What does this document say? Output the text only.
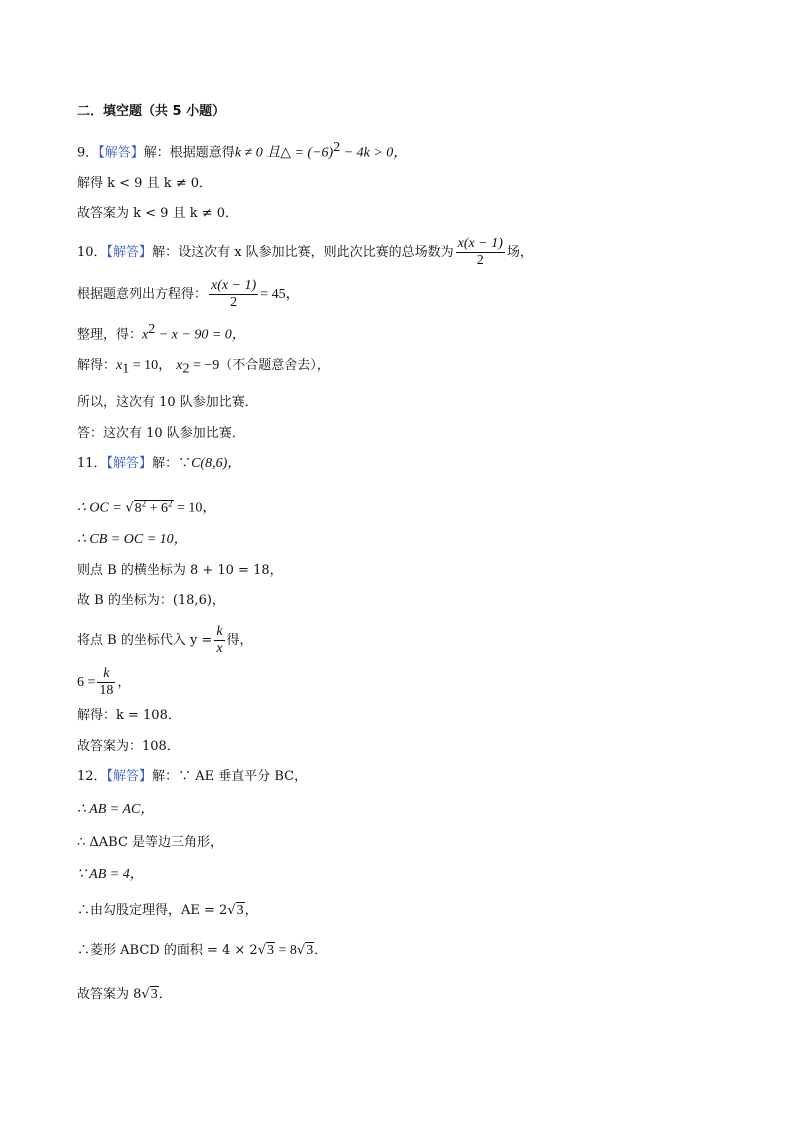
二．填空题（共 5 小题）
9．【解答】解：根据题意得k ≠ 0 且△ = $(-6)^2 - 4k > 0$，
解得 k < 9 且 k ≠ 0．
故答案为 k < 9 且 k ≠ 0．
10．【解答】解：设这次有 x 队参加比赛，则此次比赛的总场数为 $\frac{x(x - 1)}{2}$ 场，
根据题意列出方程得： $\frac{x(x - 1)}{2} = 45$，
整理，得：$x^2 - x - 90 = 0$，
解得：$x_1 = 10$， $x_2 = -9$（不合题意舍去），
所以，这次有 10 队参加比赛．
答：这次有 10 队参加比赛．
11．【解答】解：∵C(8,6)，
∴ OC = $√8^2 + 6^2 = 10$，
∴ CB = OC = 10，
则点 B 的横坐标为 8 + 10 = 18，
故 B 的坐标为：(18,6)，
将点 B 的坐标代入 $y = \frac{k}{x}$ 得，
$6 = \frac{k}{18}$ ，
解得：k = 108．
故答案为：108．
12．【解答】解：∵ AE 垂直平分 BC，
∴ AB = AC，
∴ ΔABC 是等边三角形，
∵ AB = 4，
∴由勾股定理得，AE = 2√3，
∴菱形 ABCD 的面积 = 4 × 2√3 = 8√3．
故答案为 8√3．
